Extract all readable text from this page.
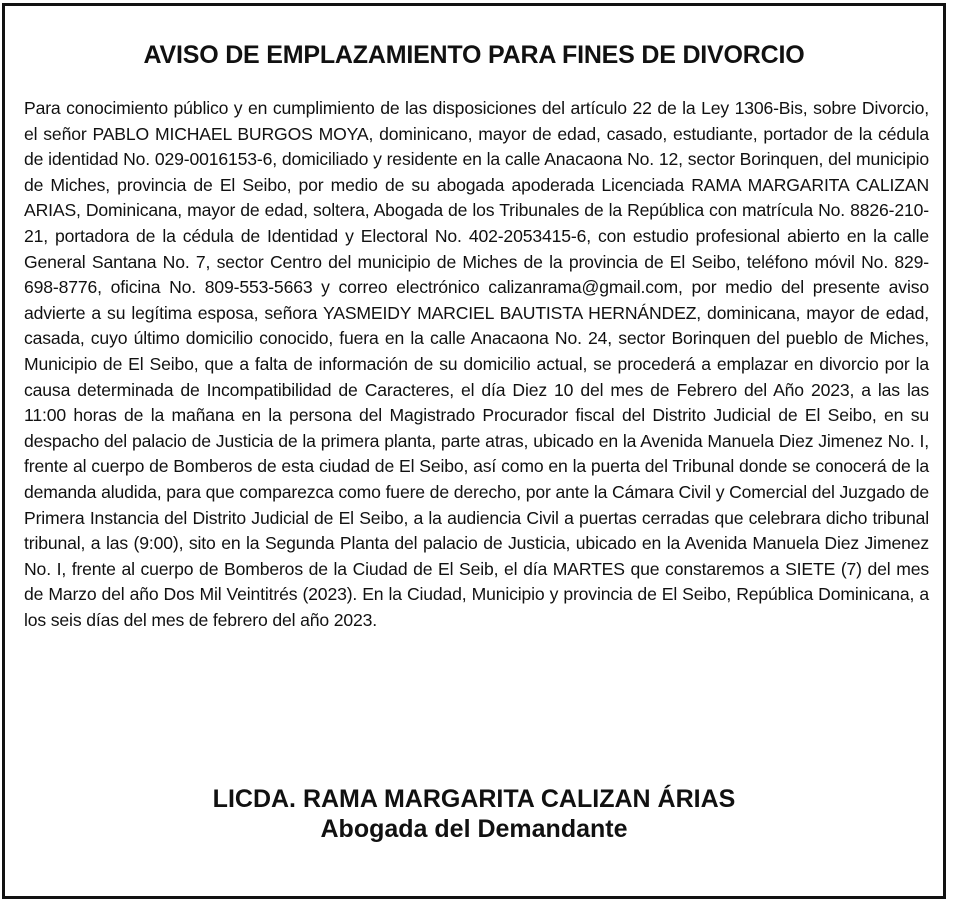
AVISO DE EMPLAZAMIENTO PARA FINES DE DIVORCIO

Para conocimiento público y en cumplimiento de las disposiciones del artículo 22 de la Ley 1306-Bis, sobre Divorcio, el señor PABLO MICHAEL BURGOS MOYA, dominicano, mayor de edad, casado, estudiante, portador de la cédula de identidad No. 029-0016153-6, domiciliado y residente en la calle Anacaona No. 12, sector Borinquen, del municipio de Miches, provincia de El Seibo, por medio de su abogada apoderada Licenciada RAMA MARGARITA CALIZAN ARIAS, Dominicana, mayor de edad, soltera, Abogada de los Tribunales de la República con matrícula No. 8826-210-21, portadora de la cédula de Identidad y Electoral No. 402-2053415-6, con estudio profesional abierto en la calle General Santana No. 7, sector Centro del municipio de Miches de la provincia de El Seibo, teléfono móvil No. 829-698-8776, oficina No. 809-553-5663 y correo electrónico calizanrama@gmail.com, por medio del presente aviso advierte a su legítima esposa, señora YASMEIDY MARCIEL BAUTISTA HERNÁNDEZ, dominicana, mayor de edad, casada, cuyo último domicilio conocido, fuera en la calle Anacaona No. 24, sector Borinquen del pueblo de Miches, Municipio de El Seibo, que a falta de información de su domicilio actual, se procederá a emplazar en divorcio por la causa determinada de Incompatibilidad de Caracteres, el día Diez 10 del mes de Febrero del Año 2023, a las las 11:00 horas de la mañana en la persona del Magistrado Procurador fiscal del Distrito Judicial de El Seibo, en su despacho del palacio de Justicia de la primera planta, parte atras, ubicado en la Avenida Manuela Diez Jimenez No. I, frente al cuerpo de Bomberos de esta ciudad de El Seibo, así como en la puerta del Tribunal donde se conocerá de la demanda aludida, para que comparezca como fuere de derecho, por ante la Cámara Civil y Comercial del Juzgado de Primera Instancia del Distrito Judicial de El Seibo, a la audiencia Civil a puertas cerradas que celebrara dicho tribunal tribunal, a las (9:00), sito en la Segunda Planta del palacio de Justicia, ubicado en la Avenida Manuela Diez Jimenez No. I, frente al cuerpo de Bomberos de la Ciudad de El Seib, el día MARTES que constaremos a SIETE (7) del mes de Marzo del año Dos Mil Veintitrés (2023). En la Ciudad, Municipio y provincia de El Seibo, República Dominicana, a los seis días del mes de febrero del año 2023.

LICDA. RAMA MARGARITA CALIZAN ÁRIAS
Abogada del Demandante
